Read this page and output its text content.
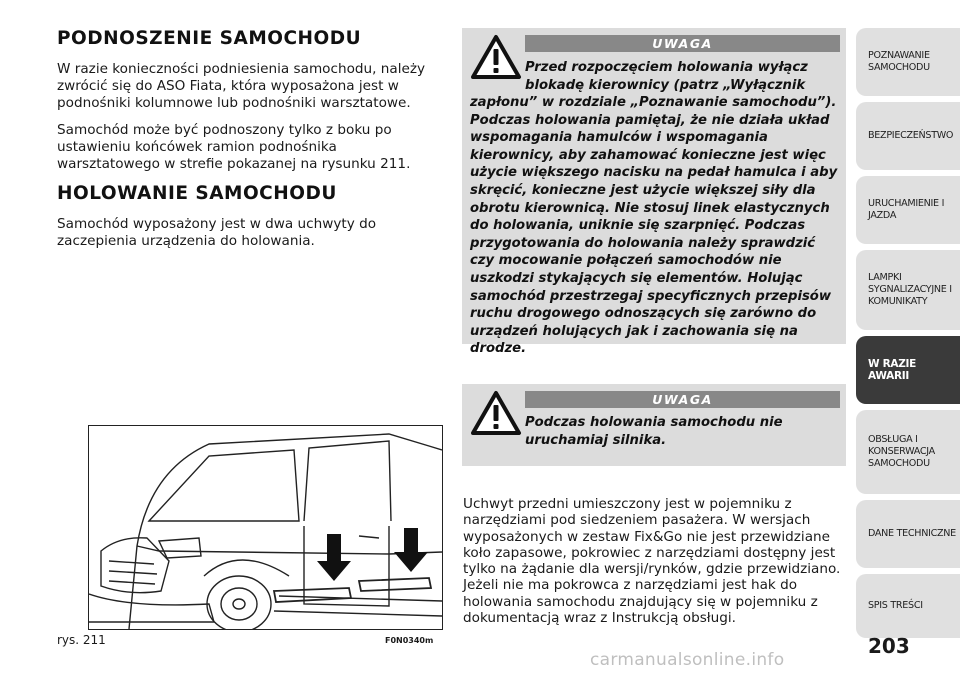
PODNOSZENIE SAMOCHODU

W razie konieczności podniesienia samochodu, należy zwrócić się do ASO Fiata, która wyposażona jest w podnośniki kolumnowe lub podnośniki warsztatowe.

Samochód może być podnoszony tylko z boku po ustawieniu końcówek ramion podnośnika warsztatowego w strefie pokazanej na rysunku 211.

HOLOWANIE SAMOCHODU

Samochód wyposażony jest w dwa uchwyty do zaczepienia urządzenia do holowania.

rys. 211	F0N0340m
UWAGA
Przed rozpoczęciem holowania wyłącz blokadę kierownicy (patrz „Wyłącznik
zapłonu” w rozdziale „Poznawanie samochodu”). Podczas holowania pamiętaj, że nie działa układ wspomagania hamulców i wspomagania kierownicy, aby zahamować konieczne jest więc użycie większego nacisku na pedał hamulca i aby skręcić, konieczne jest użycie większej siły dla obrotu kierownicą. Nie stosuj linek elastycznych do holowania, uniknie się szarpnięć. Podczas przygotowania do holowania należy sprawdzić czy mocowanie połączeń samochodów nie uszkodzi stykających się elementów. Holując samochód przestrzegaj specyficznych przepisów ruchu drogowego odnoszących się zarówno do urządzeń holujących jak i zachowania się na drodze.
UWAGA
Podczas holowania samochodu nie uruchamiaj silnika.

Uchwyt przedni umieszczony jest w pojemniku z narzędziami pod siedzeniem pasażera. W wersjach wyposażonych w zestaw Fix&Go nie jest przewidziane koło zapasowe, pokrowiec z narzędziami dostępny jest tylko na żądanie dla wersji/rynków, gdzie przewidziano. Jeżeli nie ma pokrowca z narzędziami jest hak do holowania samochodu znajdujący się w pojemniku z dokumentacją wraz z Instrukcją obsługi.

POZNAWANIE
SAMOCHODU
BEZPIECZEŃSTWO
URUCHAMIENIE I
JAZDA
LAMPKI
SYGNALIZACYJNE I
KOMUNIKATY
W RAZIE AWARII
OBSŁUGA I
KONSERWACJA
SAMOCHODU
DANE TECHNICZNE
SPIS TREŚCI
203
carmanualsonline.info
